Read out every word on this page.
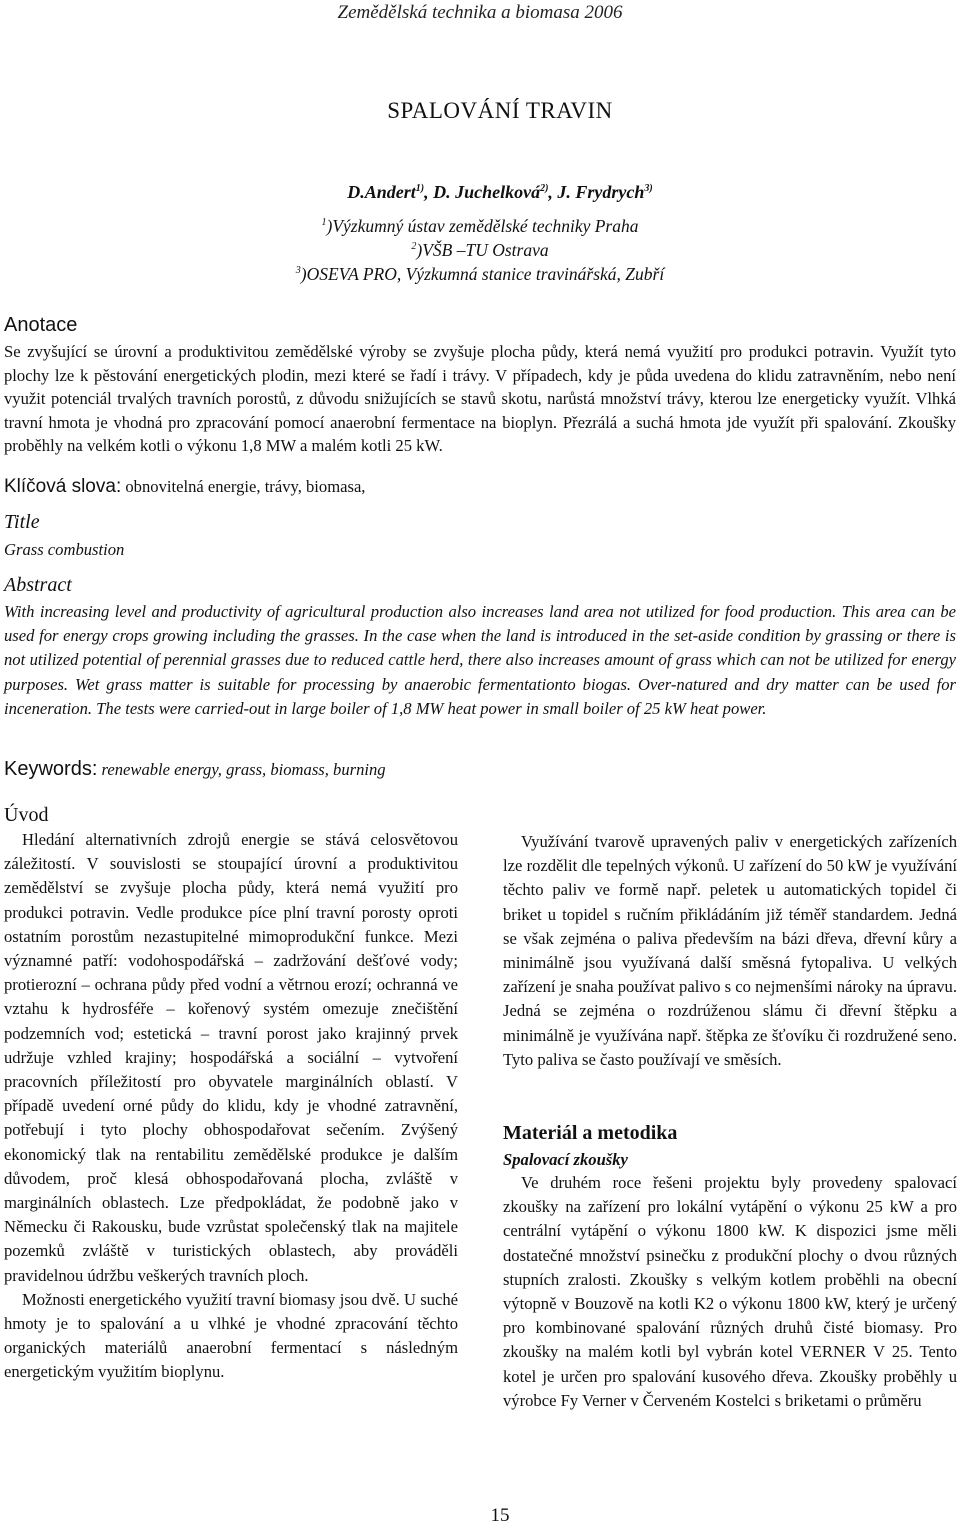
Zemědělská technika a biomasa 2006
SPALOVÁNÍ TRAVIN
D.Andert$^{1)}$, D. Juchelková$^{2)}$, J. Frydrych$^{3)}$
$^1$)Výzkumný ústav zemědělské techniky Praha
$^2$)VŠB –TU Ostrava
$^3$)OSEVA PRO, Výzkumná stanice travinářská, Zubří
Anotace
Se zvyšující se úrovní a produktivitou zemědělské výroby se zvyšuje plocha půdy, která nemá využití pro produkci potravin. Využít tyto plochy lze k pěstování energetických plodin, mezi které se řadí i trávy. V případech, kdy je půda uvedena do klidu zatravněním, nebo není využit potenciál trvalých travních porostů, z důvodu snižujících se stavů skotu, narůstá množství trávy, kterou lze energeticky využít. Vlhká travní hmota je vhodná pro zpracování pomocí anaerobní fermentace na bioplyn. Přezrálá a suchá hmota jde využít při spalování. Zkoušky proběhly na velkém kotli o výkonu 1,8 MW a malém kotli 25 kW.
Klíčová slova: obnovitelná energie, trávy, biomasa,
Title
Grass combustion
Abstract
With increasing level and productivity of agricultural production also increases land area not utilized for food production. This area can be used for energy crops growing including the grasses. In the case when the land is introduced in the set-aside condition by grassing or there is not utilized potential of perennial grasses due to reduced cattle herd, there also increases amount of grass which can not be utilized for energy purposes. Wet grass matter is suitable for processing by anaerobic fermentationto biogas. Over-natured and dry matter can be used for inceneration. The tests were carried-out in large boiler of 1,8 MW heat power in small boiler of 25 kW heat power.
Keywords: renewable energy, grass, biomass, burning
Úvod

Hledání alternativních zdrojů energie se stává celosvětovou záležitostí. V souvislosti se stoupající úrovní a produktivitou zemědělství se zvyšuje plocha půdy, která nemá využití pro produkci potravin. Vedle produkce píce plní travní porosty oproti ostatním porostům nezastupitelné mimoprodukční funkce. Mezi významné patří: vodohospodářská – zadržování dešťové vody; protierozní – ochrana půdy před vodní a větrnou erozí; ochranná ve vztahu k hydrosféře – kořenový systém omezuje znečištění podzemních vod; estetická – travní porost jako krajinný prvek udržuje vzhled krajiny; hospodářská a sociální – vytvoření pracovních příležitostí pro obyvatele marginálních oblastí. V případě uvedení orné půdy do klidu, kdy je vhodné zatravnění, potřebují i tyto plochy obhospodařovat sečením. Zvýšený ekonomický tlak na rentabilitu zemědělské produkce je dalším důvodem, proč klesá obhospodařovaná plocha, zvláště v marginálních oblastech. Lze předpokládat, že podobně jako v Německu či Rakousku, bude vzrůstat společenský tlak na majitele pozemků zvláště v turistických oblastech, aby prováděli pravidelnou údržbu veškerých travních ploch.

Možnosti energetického využití travní biomasy jsou dvě. U suché hmoty je to spalování a u vlhké je vhodné zpracování těchto organických materiálů anaerobní fermentací s následným energetickým využitím bioplynu.

Využívání tvarově upravených paliv v energetických zařízeních lze rozdělit dle tepelných výkonů. U zařízení do 50 kW je využívání těchto paliv ve formě např. peletek u automatických topidel či briket u topidel s ručním přikládáním již téměř standardem. Jedná se však zejména o paliva především na bázi dřeva, dřevní kůry a minimálně jsou využívaná další směsná fytopaliva. U velkých zařízení je snaha používat palivo s co nejmenšími nároky na úpravu. Jedná se zejména o rozdrúženou slámu či dřevní štěpku a minimálně je využívána např. štěpka ze šťovíku či rozdružené seno. Tyto paliva se často používají ve směsích.

Materiál a metodika
Spalovací zkoušky

Ve druhém roce řešeni projektu byly provedeny spalovací zkoušky na zařízení pro lokální vytápění o výkonu 25 kW a pro centrální vytápění o výkonu 1800 kW. K dispozici jsme měli dostatečné množství psinečku z produkční plochy o dvou různých stupních zralosti. Zkoušky s velkým kotlem proběhli na obecní výtopně v Bouzově na kotli K2 o výkonu 1800 kW, který je určený pro kombinované spalování různých druhů čisté biomasy. Pro zkoušky na malém kotli byl vybrán kotel VERNER V 25. Tento kotel je určen pro spalování kusového dřeva. Zkoušky proběhly u výrobce Fy Verner v Červeném Kostelci s briketami o průměru

15
